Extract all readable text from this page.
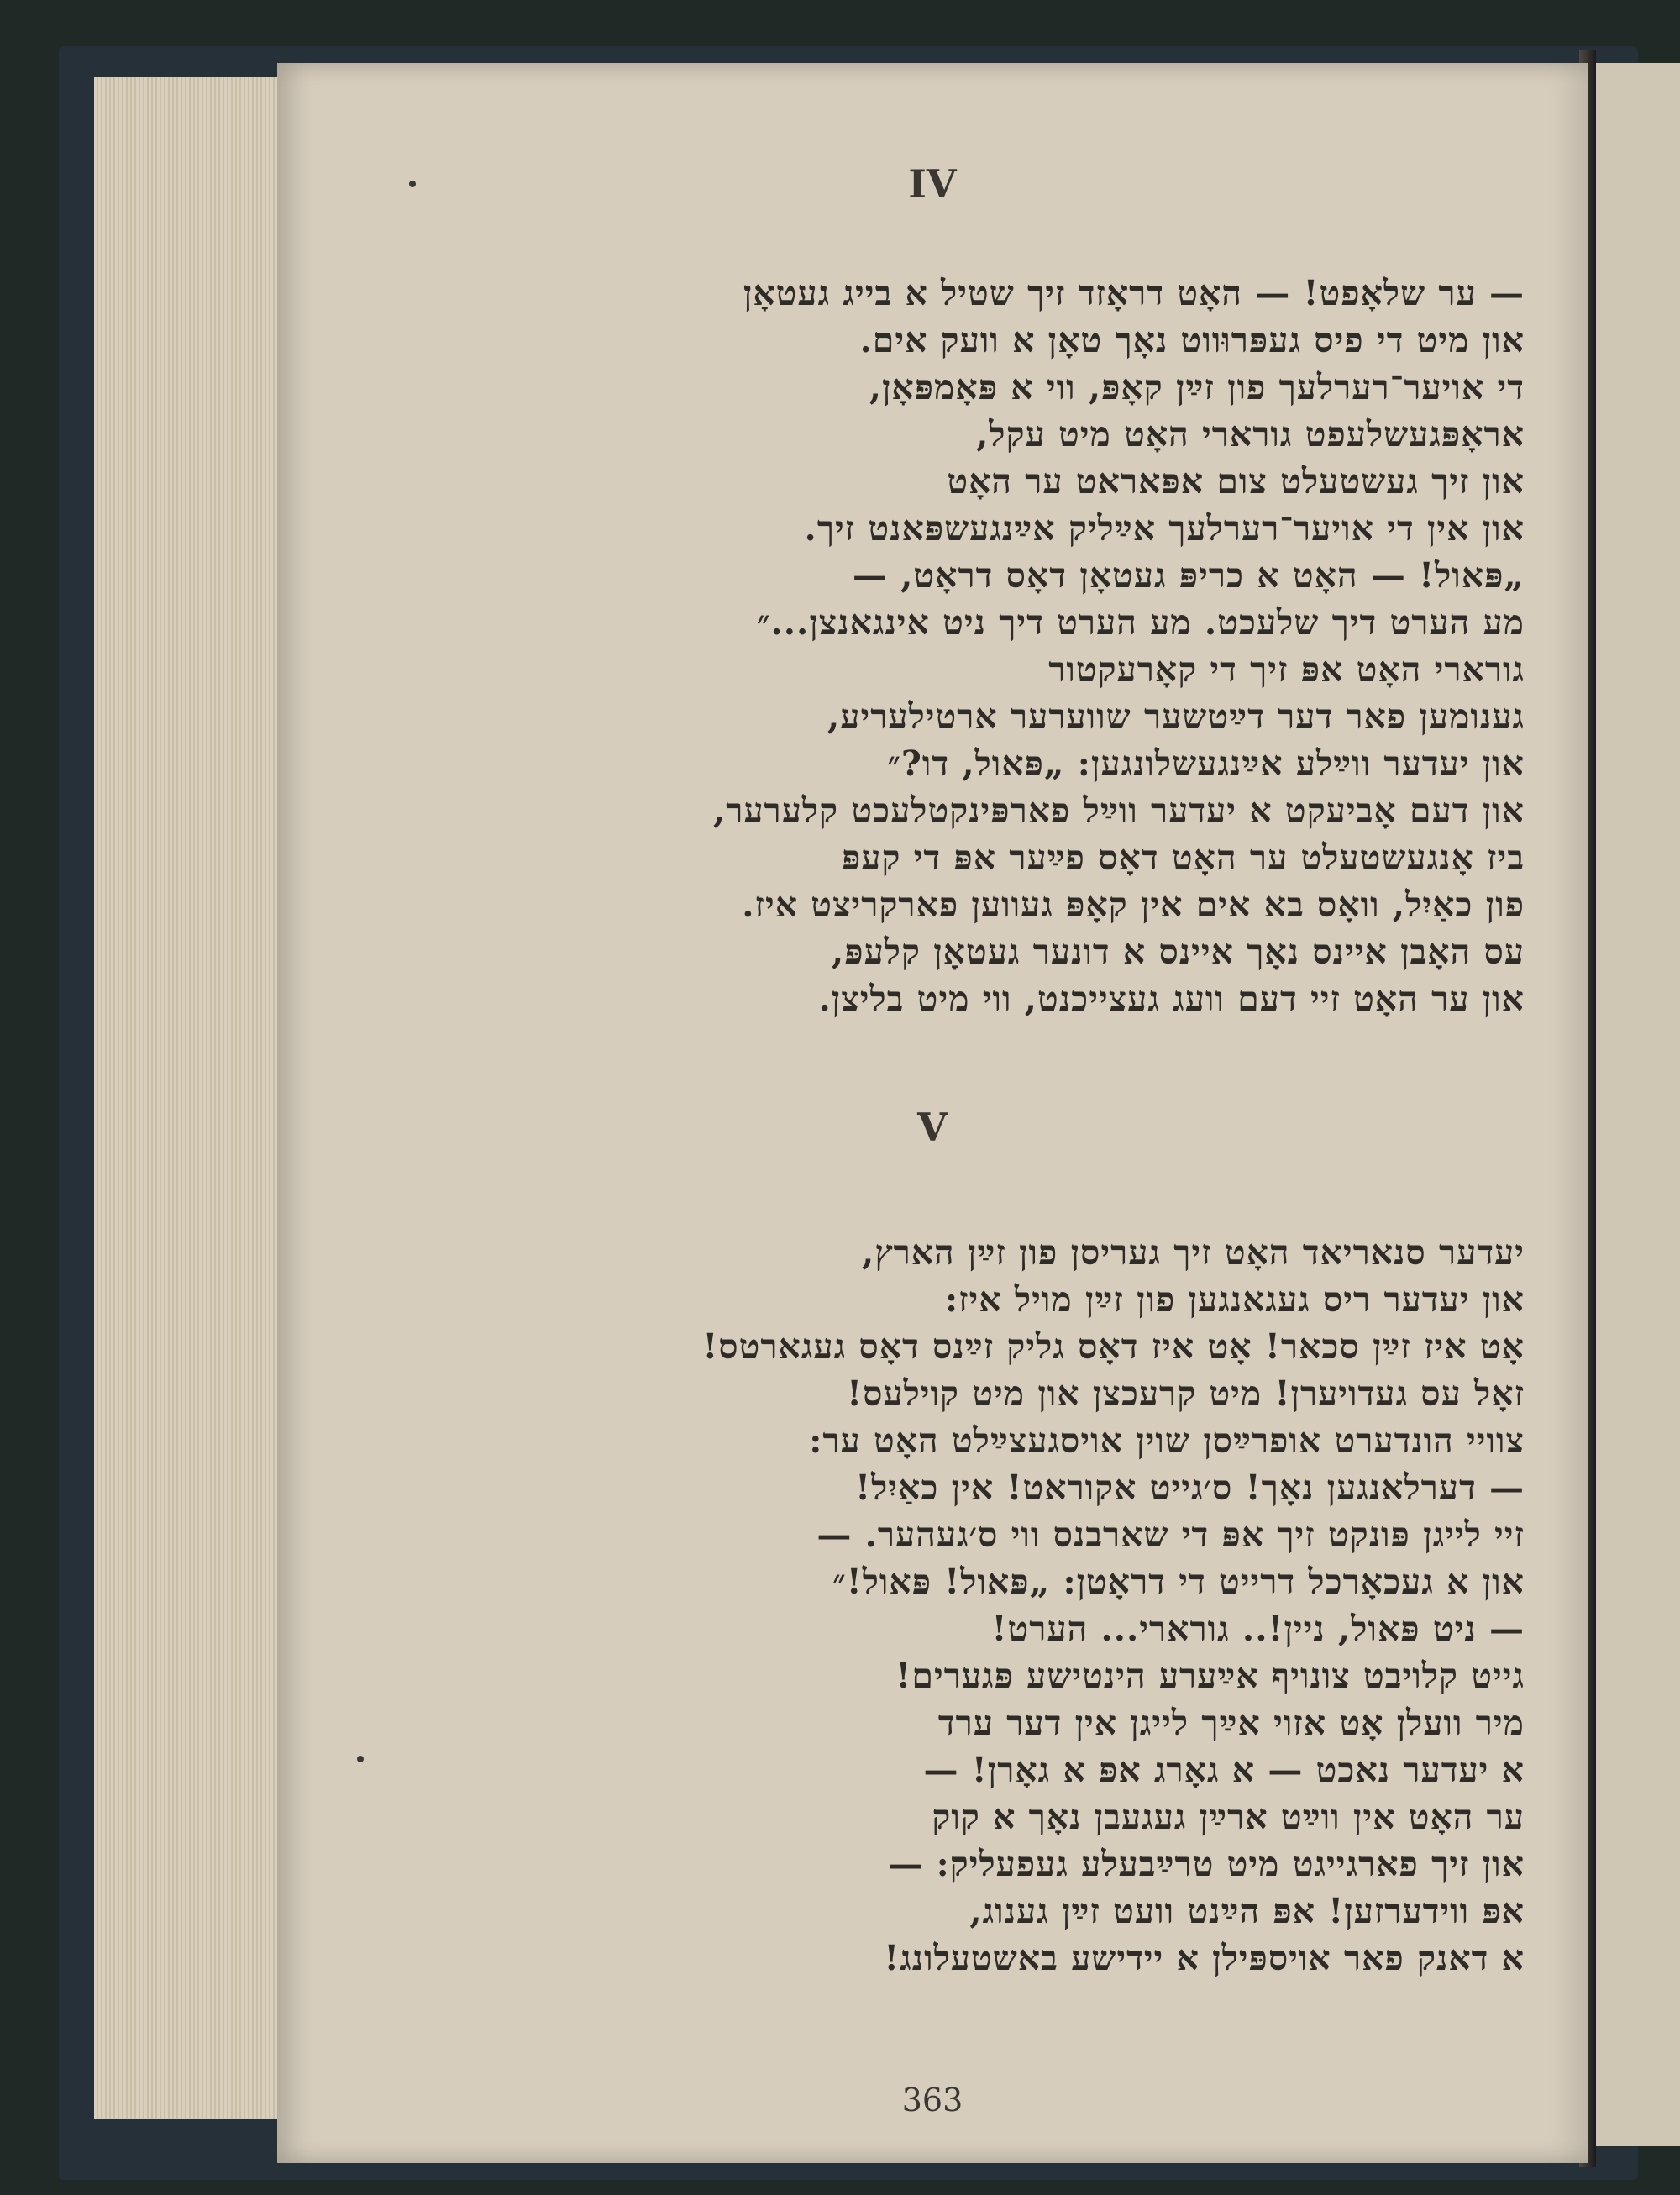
IV

— ער שלאָפט! — האָט דראָזד זיך שטיל א בייג געטאָן

און מיט די פיס געפּרוּווט נאָך טאָן א וועק אים.

די אויער־רערלעך פון זײַן קאָפּ, ווי א פּאָמפּאָן,

אראָפּגעשלעפט גורארי האָט מיט עקל,

און זיך געשטעלט צום אפּאראט ער האָט

און אין די אויער־רערלעך אײַליק אײַנגעשפּאנט זיך.

„פּאול! — האָט א כריפּ געטאָן דאָס דראָט, —

מע הערט דיך שלעכט. מע הערט דיך ניט אינגאנצן...״

גורארי האָט אפּ זיך די קאָרעקטור

גענומען פאר דער דײַטשער שווערער ארטילעריע,

און יעדער ווײַלע אײַנגעשלונגען: „פּאול, דו?״

און דעם אָביעקט א יעדער ווײַל פארפּינקטלעכט קלערער,

ביז אָנגעשטעלט ער האָט דאָס פײַער אפּ די קעפּ

פון כאַיִל, וואָס בא אים אין קאָפּ געווען פארקריצט איז.

עס האָבן איינס נאָך איינס א דונער געטאָן קלעפּ,

און ער האָט זיי דעם וועג געצייכנט, ווי מיט בליצן.

V

יעדער סנאריאד האָט זיך געריסן פון זײַן הארץ,

און יעדער ריס געגאנגען פון זײַן מויל איז:

אָט איז זײַן סכאר! אָט איז דאָס גליק זײַנס דאָס געגארטס!

זאָל עס געדויערן! מיט קרעכצן און מיט קוילעס!

צוויי הונדערט אופרײַסן שוין אויסגעצײַלט האָט ער:

— דערלאנגען נאָך! ס׳גייט אקוראט! אין כאַיִל!

זיי לייגן פּונקט זיך אפּ די שארבנס ווי ס׳געהער. —

און א געכאָרכל דרייט די דראָטן: „פּאול! פּאול!״

— ניט פּאול, ניין!.. גורארי... הערט!

גייט קלויבט צונויף אײַערע הינטישע פּגערים!

מיר וועלן אָט אזוי אײַך לייגן אין דער ערד

א יעדער נאכט — א גאָרג אפּ א גאָרן! —

ער האָט אין ווײַט ארײַן געגעבן נאָך א קוק

און זיך פארגייגט מיט טרײַבעלע געפעליק: —

אפּ ווידערזען! אפּ הײַנט וועט זײַן גענוג,

א דאנק פאר אויספּילן א יידישע באשטעלונג!

363
